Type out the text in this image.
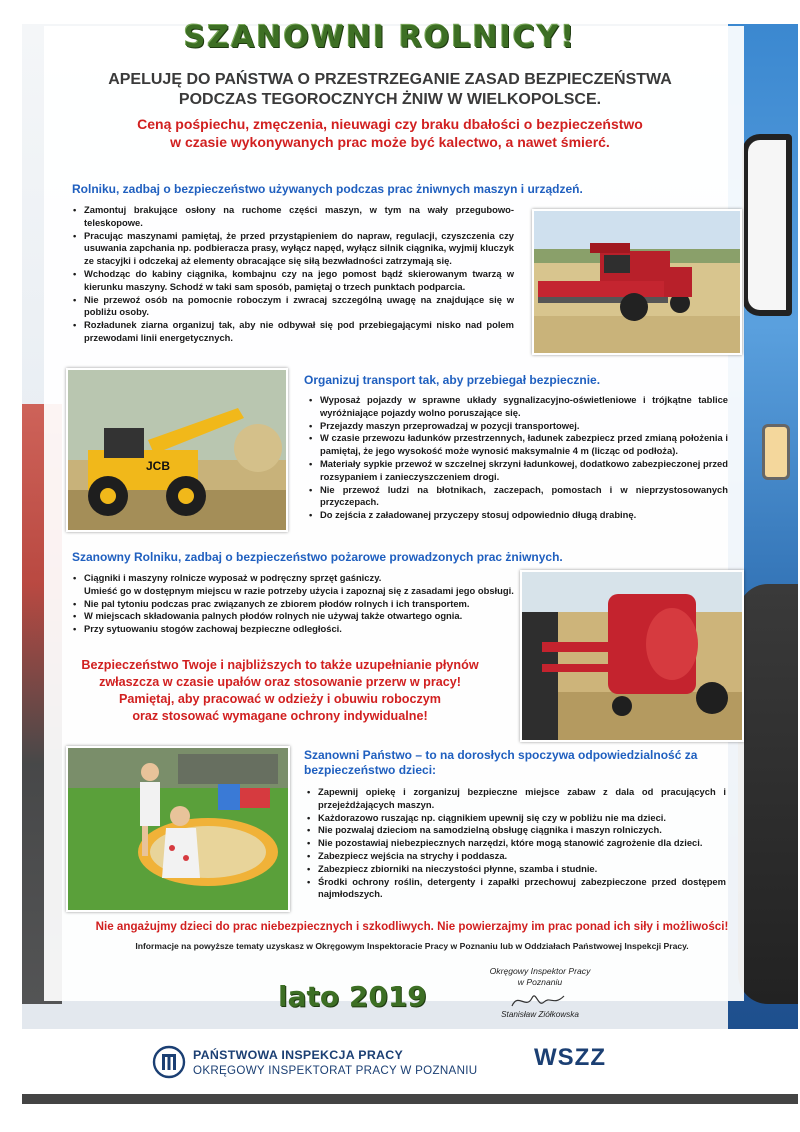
SZANOWNI ROLNICY!
APELUJĘ DO PAŃSTWA O PRZESTRZEGANIE ZASAD BEZPIECZEŃSTWA
PODCZAS TEGOROCZNYCH ŻNIW W WIELKOPOLSCE.
Ceną pośpiechu, zmęczenia, nieuwagi czy braku dbałości o bezpieczeństwo
w czasie wykonywanych prac może być kalectwo, a nawet śmierć.
Rolniku, zadbaj o bezpieczeństwo używanych podczas prac żniwnych maszyn i urządzeń.
• Zamontuj brakujące osłony na ruchome części maszyn, w tym na wały przegubowo-teleskopowe.
• Pracując maszynami pamiętaj, że przed przystąpieniem do napraw, regulacji, czyszczenia czy usuwania zapchania np. podbieracza prasy, wyłącz napęd, wyłącz silnik ciągnika, wyjmij kluczyk ze stacyjki i odczekaj aż elementy obracające się siłą bezwładności zatrzymają się.
• Wchodząc do kabiny ciągnika, kombajnu czy na jego pomost bądź skierowanym twarzą w kierunku maszyny. Schodź w taki sam sposób, pamiętaj o trzech punktach podparcia.
• Nie przewoź osób na pomocnie roboczym i zwracaj szczególną uwagę na znajdujące się w pobliżu osoby.
• Rozładunek ziarna organizuj tak, aby nie odbywał się pod przebiegającymi nisko nad polem przewodami linii energetycznych.
JCB
Organizuj transport tak, aby przebiegał bezpiecznie.
• Wyposaż pojazdy w sprawne układy sygnalizacyjno-oświetleniowe i trójkątne tablice wyróżniające pojazdy wolno poruszające się.
• Przejazdy maszyn przeprowadzaj w pozycji transportowej.
• W czasie przewozu ładunków przestrzennych, ładunek zabezpiecz przed zmianą położenia i pamiętaj, że jego wysokość może wynosić maksymalnie 4 m (licząc od podłoża).
• Materiały sypkie przewoź w szczelnej skrzyni ładunkowej, dodatkowo zabezpieczonej przed rozsypaniem i zanieczyszczeniem drogi.
• Nie przewoź ludzi na błotnikach, zaczepach, pomostach i w nieprzystosowanych przyczepach.
• Do zejścia z załadowanej przyczepy stosuj odpowiednio długą drabinę.
Szanowny Rolniku, zadbaj o bezpieczeństwo pożarowe prowadzonych prac żniwnych.
• Ciągniki i maszyny rolnicze wyposaż w podręczny sprzęt gaśniczy.
Umieść go w dostępnym miejscu w razie potrzeby użycia i zapoznaj się z zasadami jego obsługi.
• Nie pal tytoniu podczas prac związanych ze zbiorem płodów rolnych i ich transportem.
• W miejscach składowania palnych płodów rolnych nie używaj także otwartego ognia.
• Przy sytuowaniu stogów zachowaj bezpieczne odległości.
Bezpieczeństwo Twoje i najbliższych to także uzupełnianie płynów
zwłaszcza w czasie upałów oraz stosowanie przerw w pracy!
Pamiętaj, aby pracować w odzieży i obuwiu roboczym
oraz stosować wymagane ochrony indywidualne!
Szanowni Państwo – to na dorosłych spoczywa odpowiedzialność za
bezpieczeństwo dzieci:
• Zapewnij opiekę i zorganizuj bezpieczne miejsce zabaw z dala od pracujących i przejeżdżających maszyn.
• Każdorazowo ruszając np. ciągnikiem upewnij się czy w pobliżu nie ma dzieci.
• Nie pozwalaj dzieciom na samodzielną obsługę ciągnika i maszyn rolniczych.
• Nie pozostawiaj niebezpiecznych narzędzi, które mogą stanowić zagrożenie dla dzieci.
• Zabezpiecz wejścia na strychy i poddasza.
• Zabezpiecz zbiorniki na nieczystości płynne, szamba i studnie.
• Środki ochrony roślin, detergenty i zapałki przechowuj zabezpieczone przed dostępem najmłodszych.
Nie angażujmy dzieci do prac niebezpiecznych i szkodliwych. Nie powierzajmy im prac ponad ich siły i możliwości!
Informacje na powyższe tematy uzyskasz w Okręgowym Inspektoracie Pracy w Poznaniu lub w Oddziałach Państwowej Inspekcji Pracy.
lato 2019
Okręgowy Inspektor Pracy
w Poznaniu
Stanisław Ziółkowska
PAŃSTWOWA INSPEKCJA PRACY
OKRĘGOWY INSPEKTORAT PRACY W POZNANIU WSZZ
